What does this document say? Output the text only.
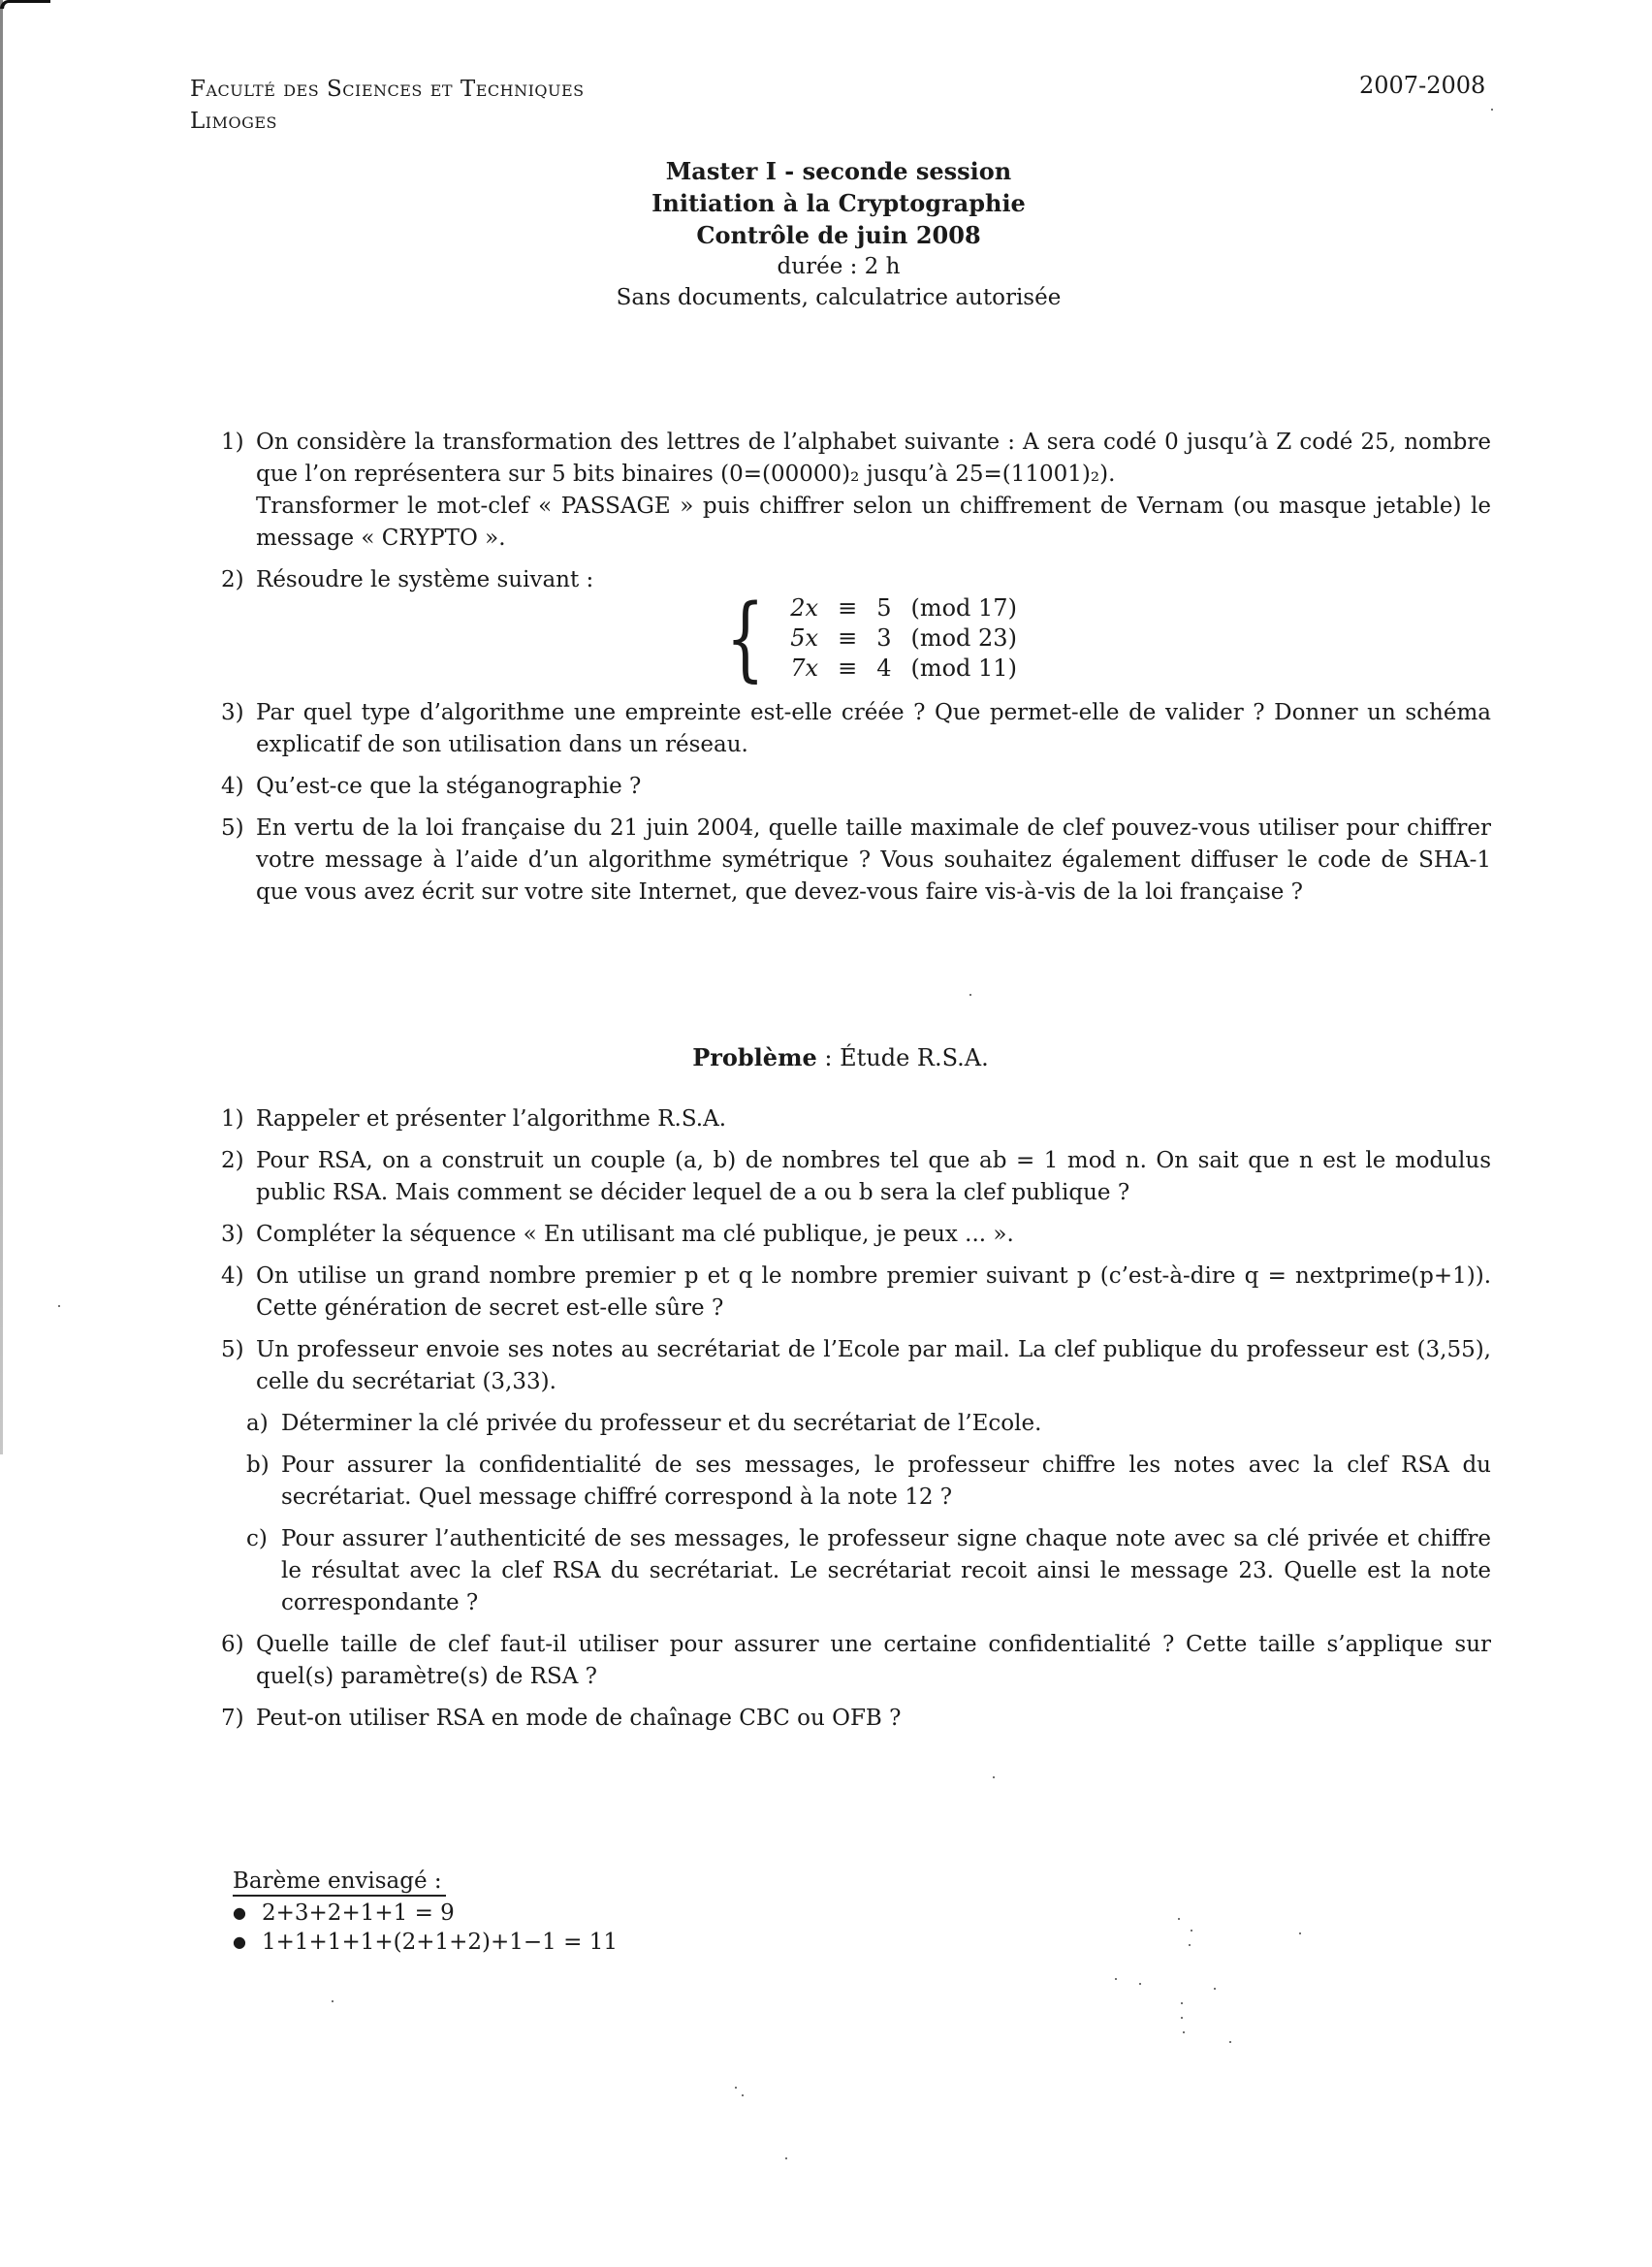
Faculté des Sciences et Techniques
Limoges
2007-2008
Master I - seconde session
Initiation à la Cryptographie
Contrôle de juin 2008
durée : 2 h
Sans documents, calculatrice autorisée
1) On considère la transformation des lettres de l’alphabet suivante : A sera codé 0 jusqu’à Z codé 25, nombre que l’on représentera sur 5 bits binaires (0=(00000)₂ jusqu’à 25=(11001)₂).
Transformer le mot-clef « PASSAGE » puis chiffrer selon un chiffrement de Vernam (ou masque jetable) le message « CRYPTO ».
2) Résoudre le système suivant :
3) Par quel type d’algorithme une empreinte est-elle créée ? Que permet-elle de valider ? Donner un schéma explicatif de son utilisation dans un réseau.
4) Qu’est-ce que la stéganographie ?
5) En vertu de la loi française du 21 juin 2004, quelle taille maximale de clef pouvez-vous utiliser pour chiffrer votre message à l’aide d’un algorithme symétrique ? Vous souhaitez également diffuser le code de SHA-1 que vous avez écrit sur votre site Internet, que devez-vous faire vis-à-vis de la loi française ?
{ 2x	≡	5	(mod 17)
5x	≡	3	(mod 23)
7x	≡	4	(mod 11)
Problème : Étude R.S.A.
1) Rappeler et présenter l’algorithme R.S.A.
2) Pour RSA, on a construit un couple (a, b) de nombres tel que ab = 1 mod n. On sait que n est le modulus public RSA. Mais comment se décider lequel de a ou b sera la clef publique ?
3) Compléter la séquence « En utilisant ma clé publique, je peux ... ».
4) On utilise un grand nombre premier p et q le nombre premier suivant p (c’est-à-dire q = nextprime(p+1)). Cette génération de secret est-elle sûre ?
5) Un professeur envoie ses notes au secrétariat de l’Ecole par mail. La clef publique du professeur est (3,55), celle du secrétariat (3,33).
a) Déterminer la clé privée du professeur et du secrétariat de l’Ecole.
b) Pour assurer la confidentialité de ses messages, le professeur chiffre les notes avec la clef RSA du secrétariat. Quel message chiffré correspond à la note 12 ?
c) Pour assurer l’authenticité de ses messages, le professeur signe chaque note avec sa clé privée et chiffre le résultat avec la clef RSA du secrétariat. Le secrétariat recoit ainsi le message 23. Quelle est la note correspondante ?
6) Quelle taille de clef faut-il utiliser pour assurer une certaine confidentialité ? Cette taille s’applique sur quel(s) paramètre(s) de RSA ?
7) Peut-on utiliser RSA en mode de chaînage CBC ou OFB ?
Barème envisagé :
● 2+3+2+1+1 = 9
● 1+1+1+1+(2+1+2)+1−1 = 11
